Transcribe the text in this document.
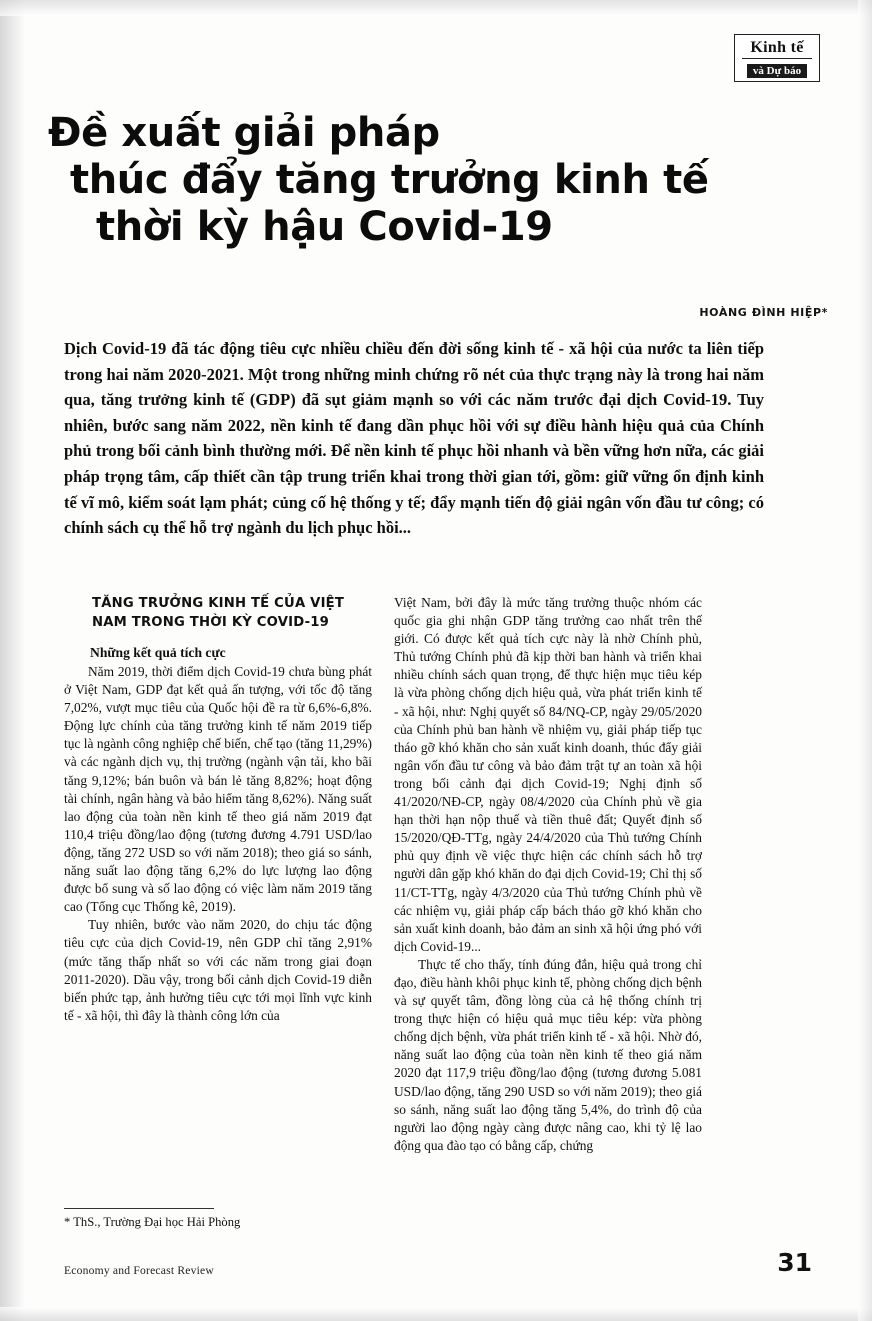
Kinh tế
và Dự báo
Đề xuất giải pháp
thúc đẩy tăng trưởng kinh tế
thời kỳ hậu Covid-19
HOÀNG ĐÌNH HIỆP*
Dịch Covid-19 đã tác động tiêu cực nhiều chiều đến đời sống kinh tế - xã hội của nước ta liên tiếp trong hai năm 2020-2021. Một trong những minh chứng rõ nét của thực trạng này là trong hai năm qua, tăng trưởng kinh tế (GDP) đã sụt giảm mạnh so với các năm trước đại dịch Covid-19. Tuy nhiên, bước sang năm 2022, nền kinh tế đang dần phục hồi với sự điều hành hiệu quả của Chính phủ trong bối cảnh bình thường mới. Để nền kinh tế phục hồi nhanh và bền vững hơn nữa, các giải pháp trọng tâm, cấp thiết cần tập trung triển khai trong thời gian tới, gồm: giữ vững ổn định kinh tế vĩ mô, kiểm soát lạm phát; củng cố hệ thống y tế; đẩy mạnh tiến độ giải ngân vốn đầu tư công; có chính sách cụ thể hỗ trợ ngành du lịch phục hồi...
TĂNG TRƯỞNG KINH TẾ CỦA VIỆT NAM TRONG THỜI KỲ COVID-19
Những kết quả tích cực

Năm 2019, thời điểm dịch Covid-19 chưa bùng phát ở Việt Nam, GDP đạt kết quả ấn tượng, với tốc độ tăng 7,02%, vượt mục tiêu của Quốc hội đề ra từ 6,6%-6,8%. Động lực chính của tăng trưởng kinh tế năm 2019 tiếp tục là ngành công nghiệp chế biến, chế tạo (tăng 11,29%) và các ngành dịch vụ, thị trường (ngành vận tải, kho bãi tăng 9,12%; bán buôn và bán lẻ tăng 8,82%; hoạt động tài chính, ngân hàng và bảo hiểm tăng 8,62%). Năng suất lao động của toàn nền kinh tế theo giá năm 2019 đạt 110,4 triệu đồng/lao động (tương đương 4.791 USD/lao động, tăng 272 USD so với năm 2018); theo giá so sánh, năng suất lao động tăng 6,2% do lực lượng lao động được bổ sung và số lao động có việc làm năm 2019 tăng cao (Tổng cục Thống kê, 2019).

Tuy nhiên, bước vào năm 2020, do chịu tác động tiêu cực của dịch Covid-19, nên GDP chỉ tăng 2,91% (mức tăng thấp nhất so với các năm trong giai đoạn 2011-2020). Dầu vậy, trong bối cảnh dịch Covid-19 diễn biến phức tạp, ảnh hưởng tiêu cực tới mọi lĩnh vực kinh tế - xã hội, thì đây là thành công lớn của

Việt Nam, bởi đây là mức tăng trưởng thuộc nhóm các quốc gia ghi nhận GDP tăng trưởng cao nhất trên thế giới. Có được kết quả tích cực này là nhờ Chính phủ, Thủ tướng Chính phủ đã kịp thời ban hành và triển khai nhiều chính sách quan trọng, để thực hiện mục tiêu kép là vừa phòng chống dịch hiệu quả, vừa phát triển kinh tế - xã hội, như: Nghị quyết số 84/NQ-CP, ngày 29/05/2020 của Chính phủ ban hành về nhiệm vụ, giải pháp tiếp tục tháo gỡ khó khăn cho sản xuất kinh doanh, thúc đẩy giải ngân vốn đầu tư công và bảo đảm trật tự an toàn xã hội trong bối cảnh đại dịch Covid-19; Nghị định số 41/2020/NĐ-CP, ngày 08/4/2020 của Chính phủ về gia hạn thời hạn nộp thuế và tiền thuê đất; Quyết định số 15/2020/QĐ-TTg, ngày 24/4/2020 của Thủ tướng Chính phủ quy định về việc thực hiện các chính sách hỗ trợ người dân gặp khó khăn do đại dịch Covid-19; Chỉ thị số 11/CT-TTg, ngày 4/3/2020 của Thủ tướng Chính phủ về các nhiệm vụ, giải pháp cấp bách tháo gỡ khó khăn cho sản xuất kinh doanh, bảo đảm an sinh xã hội ứng phó với dịch Covid-19...

Thực tế cho thấy, tính đúng đắn, hiệu quả trong chỉ đạo, điều hành khôi phục kinh tế, phòng chống dịch bệnh và sự quyết tâm, đồng lòng của cả hệ thống chính trị trong thực hiện có hiệu quả mục tiêu kép: vừa phòng chống dịch bệnh, vừa phát triển kinh tế - xã hội. Nhờ đó, năng suất lao động của toàn nền kinh tế theo giá năm 2020 đạt 117,9 triệu đồng/lao động (tương đương 5.081 USD/lao động, tăng 290 USD so với năm 2019); theo giá so sánh, năng suất lao động tăng 5,4%, do trình độ của người lao động ngày càng được nâng cao, khi tỷ lệ lao động qua đào tạo có bằng cấp, chứng

* ThS., Trường Đại học Hải Phòng
Economy and Forecast Review	31
